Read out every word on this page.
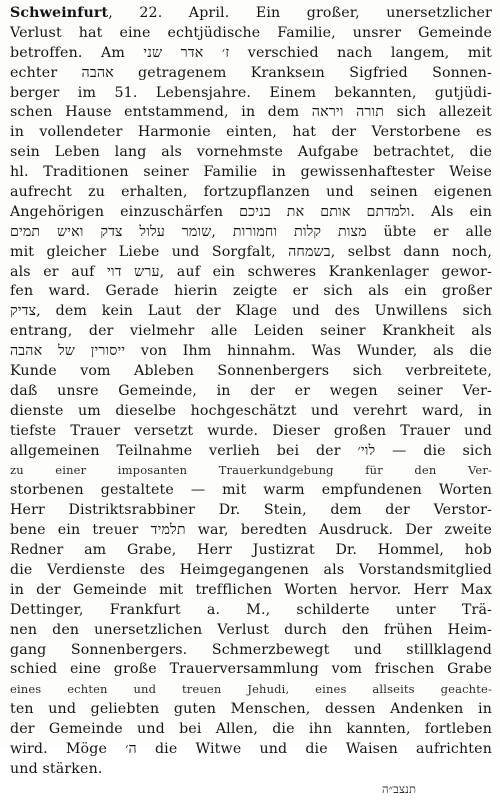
Schweinfurt, 22. April. Ein großer, unersetzlicher
Verlust hat eine echtjüdische Familie, unsrer Gemeinde
betroffen. Am ז׳ אדר שני verschied nach langem, mit
echter אהבה getragenem Krankseın Sigfried Sonnen-
berger im 51. Lebensjahre. Einem bekannten, gutjüdi-
schen Hause entstammend, in dem תורה ויראה sich allezeit
in vollendeter Harmonie einten, hat der Verstorbene es
sein Leben lang als vornehmste Aufgabe betrachtet, die
hl. Traditionen seiner Familie in gewissenhaftester Weise
aufrecht zu erhalten, fortzupflanzen und seinen eigenen
Angehörigen einzuschärfen ולמדתם אותם את בניכם. Als ein
מצות קלות וחמורות ,שומר עלול צדק ואיש תמים übte er alle
mit gleicher Liebe und Sorgfalt, בשמחה, selbst dann noch,
als er auf ערש דוי, auf ein schweres Krankenlager gewor-
fen ward. Gerade hierin zeigte er sich als ein großer
צדיק, dem kein Laut der Klage und des Unwillens sich
entrang, der vielmehr alle Leiden seiner Krankheit als
ייסורין של אהבה von Ihm hinnahm. Was Wunder, als die
Kunde vom Ableben Sonnenbergers sich verbreitete,
daß unsre Gemeinde, in der er wegen seiner Ver-
dienste um dieselbe hochgeschätzt und verehrt ward, in
tiefste Trauer versetzt wurde. Dieser großen Trauer und
allgemeinen Teilnahme verlieh bei der לוי׳ — die sich
zu einer imposanten Trauerkundgebung für den Ver-
storbenen gestaltete — mit warm empfundenen Worten
Herr Distriktsrabbiner Dr. Stein, dem der Verstor-
bene ein treuer תלמיד war, beredten Ausdruck. Der zweite
Redner am Grabe, Herr Justizrat Dr. Hommel, hob
die Verdienste des Heimgegangenen als Vorstandsmitglied
in der Gemeinde mit trefflichen Worten hervor. Herr Max
Dettinger, Frankfurt a. M., schilderte unter Trä-
nen den unersetzlichen Verlust durch den frühen Heim-
gang Sonnenbergers. Schmerzbewegt und stillklagend
schied eine große Trauerversammlung vom frischen Grabe
eines echten und treuen Jehudi, eines allseits geachte-
ten und geliebten guten Menschen, dessen Andenken in
der Gemeinde und bei Allen, die ihn kannten, fortleben
wird. Möge ה׳ die Witwe und die Waisen aufrichten
und stärken.
תנצב״ה
